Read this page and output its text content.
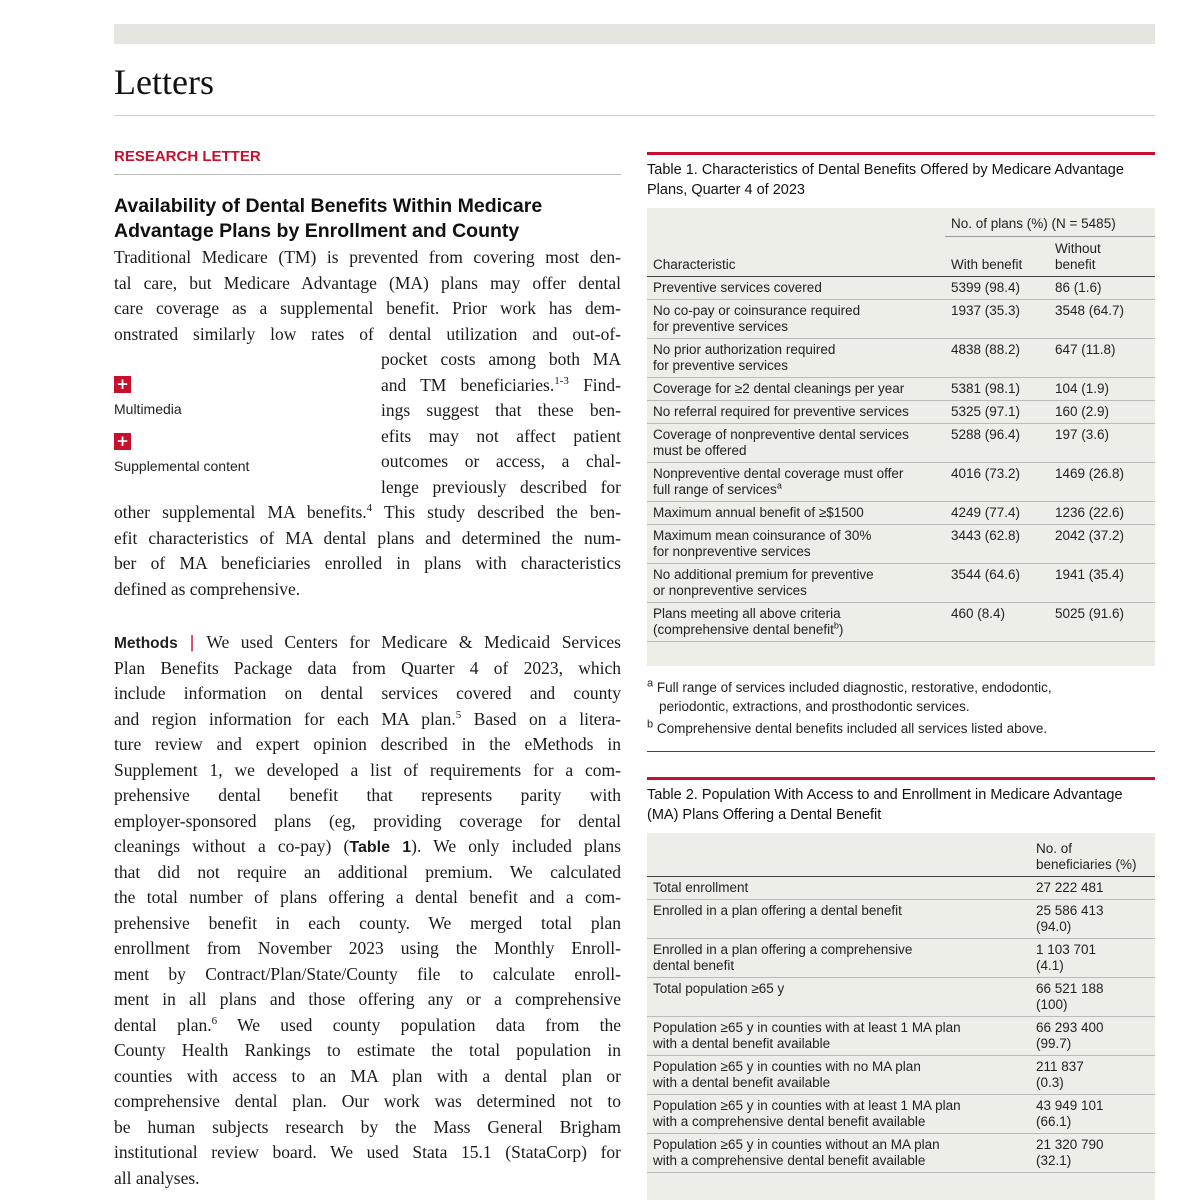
Letters
RESEARCH LETTER
Availability of Dental Benefits Within Medicare
Advantage Plans by Enrollment and County

Traditional Medicare (TM) is prevented from covering most den-

tal care, but Medicare Advantage (MA) plans may offer dental

care coverage as a supplemental benefit. Prior work has dem-

onstrated similarly low rates of dental utilization and out-of-

pocket costs among both MA

and TM beneficiaries.$^{1-3}$ Find-

ings suggest that these ben-

efits may not affect patient

outcomes or access, a chal-

lenge previously described for

other supplemental MA benefits.$^4$ This study described the ben-

efit characteristics of MA dental plans and determined the num-

ber of MA beneficiaries enrolled in plans with characteristics

defined as comprehensive.

Methods | We used Centers for Medicare & Medicaid Services

Plan Benefits Package data from Quarter 4 of 2023, which

include information on dental services covered and county

and region information for each MA plan.$^5$ Based on a litera-

ture review and expert opinion described in the eMethods in

Supplement 1, we developed a list of requirements for a com-

prehensive dental benefit that represents parity with

employer-sponsored plans (eg, providing coverage for dental

cleanings without a co-pay) (Table 1). We only included plans

that did not require an additional premium. We calculated

the total number of plans offering a dental benefit and a com-

prehensive benefit in each county. We merged total plan

enrollment from November 2023 using the Monthly Enroll-

ment by Contract/Plan/State/County file to calculate enroll-

ment in all plans and those offering any or a comprehensive

dental plan.$^6$ We used county population data from the

County Health Rankings to estimate the total population in

counties with access to an MA plan with a dental plan or

comprehensive dental plan. Our work was determined not to

be human subjects research by the Mass General Brigham

institutional review board. We used Stata 15.1 (StataCorp) for

all analyses.

+
Multimedia
+
Supplemental content
Table 1. Characteristics of Dental Benefits Offered by Medicare Advantage
Plans, Quarter 4 of 2023
	No. of plans (%) (N = 5485)	
Characteristic	With benefit	Without
benefit
Preventive services covered	5399 (98.4)	86 (1.6)
No co-pay or coinsurance required
for preventive services	1937 (35.3)	3548 (64.7)
No prior authorization required
for preventive services	4838 (88.2)	647 (11.8)
Coverage for ≥2 dental cleanings per year	5381 (98.1)	104 (1.9)
No referral required for preventive services	5325 (97.1)	160 (2.9)
Coverage of nonpreventive dental services
must be offered	5288 (96.4)	197 (3.6)
Nonpreventive dental coverage must offer
full range of services$^a$	4016 (73.2)	1469 (26.8)
Maximum annual benefit of ≥$1500	4249 (77.4)	1236 (22.6)
Maximum mean coinsurance of 30%
for nonpreventive services	3443 (62.8)	2042 (37.2)
No additional premium for preventive
or nonpreventive services	3544 (64.6)	1941 (35.4)
Plans meeting all above criteria
(comprehensive dental benefit$^b$)	460 (8.4)	5025 (91.6)
$^a$ Full range of services included diagnostic, restorative, endodontic,
periodontic, extractions, and prosthodontic services.
$^b$ Comprehensive dental benefits included all services listed above.
Table 2. Population With Access to and Enrollment in Medicare Advantage
(MA) Plans Offering a Dental Benefit
	No. of
beneficiaries (%)
Total enrollment	27 222 481
Enrolled in a plan offering a dental benefit	25 586 413
(94.0)
Enrolled in a plan offering a comprehensive
dental benefit	1 103 701
(4.1)
Total population ≥65 y	66 521 188
(100)
Population ≥65 y in counties with at least 1 MA plan
with a dental benefit available	66 293 400
(99.7)
Population ≥65 y in counties with no MA plan
with a dental benefit available	211 837
(0.3)
Population ≥65 y in counties with at least 1 MA plan
with a comprehensive dental benefit available	43 949 101
(66.1)
Population ≥65 y in counties without an MA plan
with a comprehensive dental benefit available	21 320 790
(32.1)
